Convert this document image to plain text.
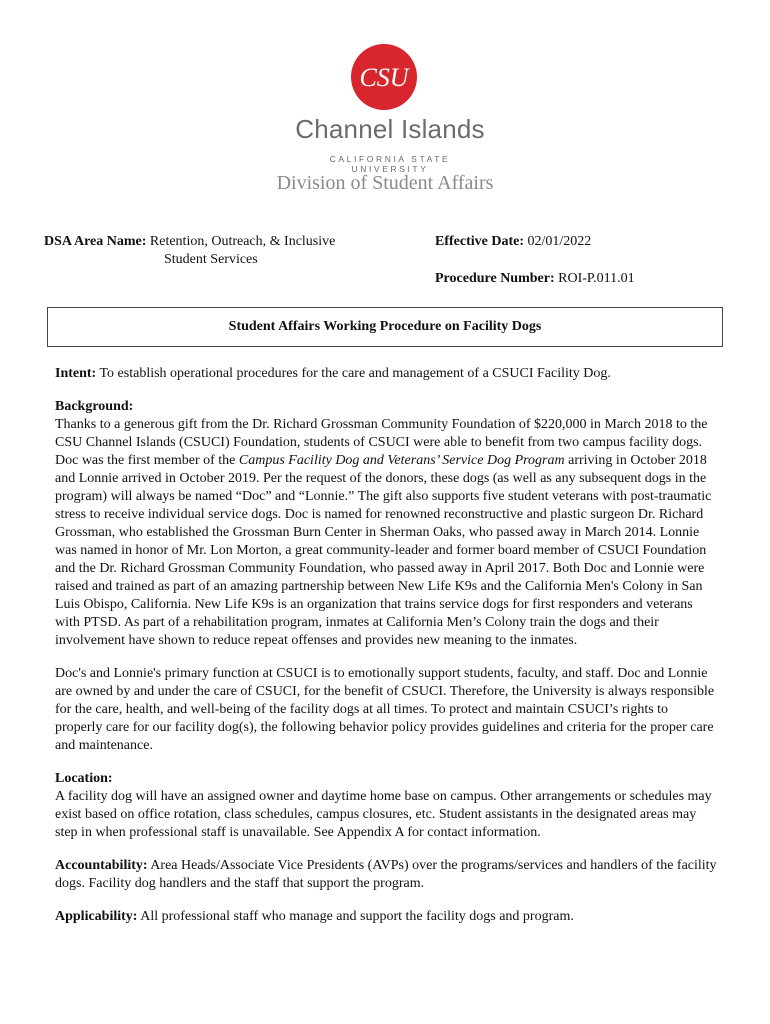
CSU
Channel Islands
CALIFORNIA STATE UNIVERSITY
Division of Student Affairs
DSA Area Name: Retention, Outreach, & Inclusive
Student Services
Effective Date: 02/01/2022
Procedure Number: ROI-P.011.01
Student Affairs Working Procedure on Facility Dogs

Intent: To establish operational procedures for the care and management of a CSUCI Facility Dog.

Background:
Thanks to a generous gift from the Dr. Richard Grossman Community Foundation of $220,000 in March 2018 to the CSU Channel Islands (CSUCI) Foundation, students of CSUCI were able to benefit from two campus facility dogs. Doc was the first member of the Campus Facility Dog and Veterans’ Service Dog Program arriving in October 2018 and Lonnie arrived in October 2019. Per the request of the donors, these dogs (as well as any subsequent dogs in the program) will always be named “Doc” and “Lonnie.” The gift also supports five student veterans with post-traumatic stress to receive individual service dogs. Doc is named for renowned reconstructive and plastic surgeon Dr. Richard Grossman, who established the Grossman Burn Center in Sherman Oaks, who passed away in March 2014. Lonnie was named in honor of Mr. Lon Morton, a great community-leader and former board member of CSUCI Foundation and the Dr. Richard Grossman Community Foundation, who passed away in April 2017. Both Doc and Lonnie were raised and trained as part of an amazing partnership between New Life K9s and the California Men's Colony in San Luis Obispo, California. New Life K9s is an organization that trains service dogs for first responders and veterans with PTSD. As part of a rehabilitation program, inmates at California Men’s Colony train the dogs and their involvement have shown to reduce repeat offenses and provides new meaning to the inmates.

Doc's and Lonnie's primary function at CSUCI is to emotionally support students, faculty, and staff. Doc and Lonnie are owned by and under the care of CSUCI, for the benefit of CSUCI. Therefore, the University is always responsible for the care, health, and well-being of the facility dogs at all times. To protect and maintain CSUCI’s rights to properly care for our facility dog(s), the following behavior policy provides guidelines and criteria for the proper care and maintenance.

Location:
A facility dog will have an assigned owner and daytime home base on campus. Other arrangements or schedules may exist based on office rotation, class schedules, campus closures, etc. Student assistants in the designated areas may step in when professional staff is unavailable. See Appendix A for contact information.

Accountability: Area Heads/Associate Vice Presidents (AVPs) over the programs/services and handlers of the facility dogs. Facility dog handlers and the staff that support the program.

Applicability: All professional staff who manage and support the facility dogs and program.
